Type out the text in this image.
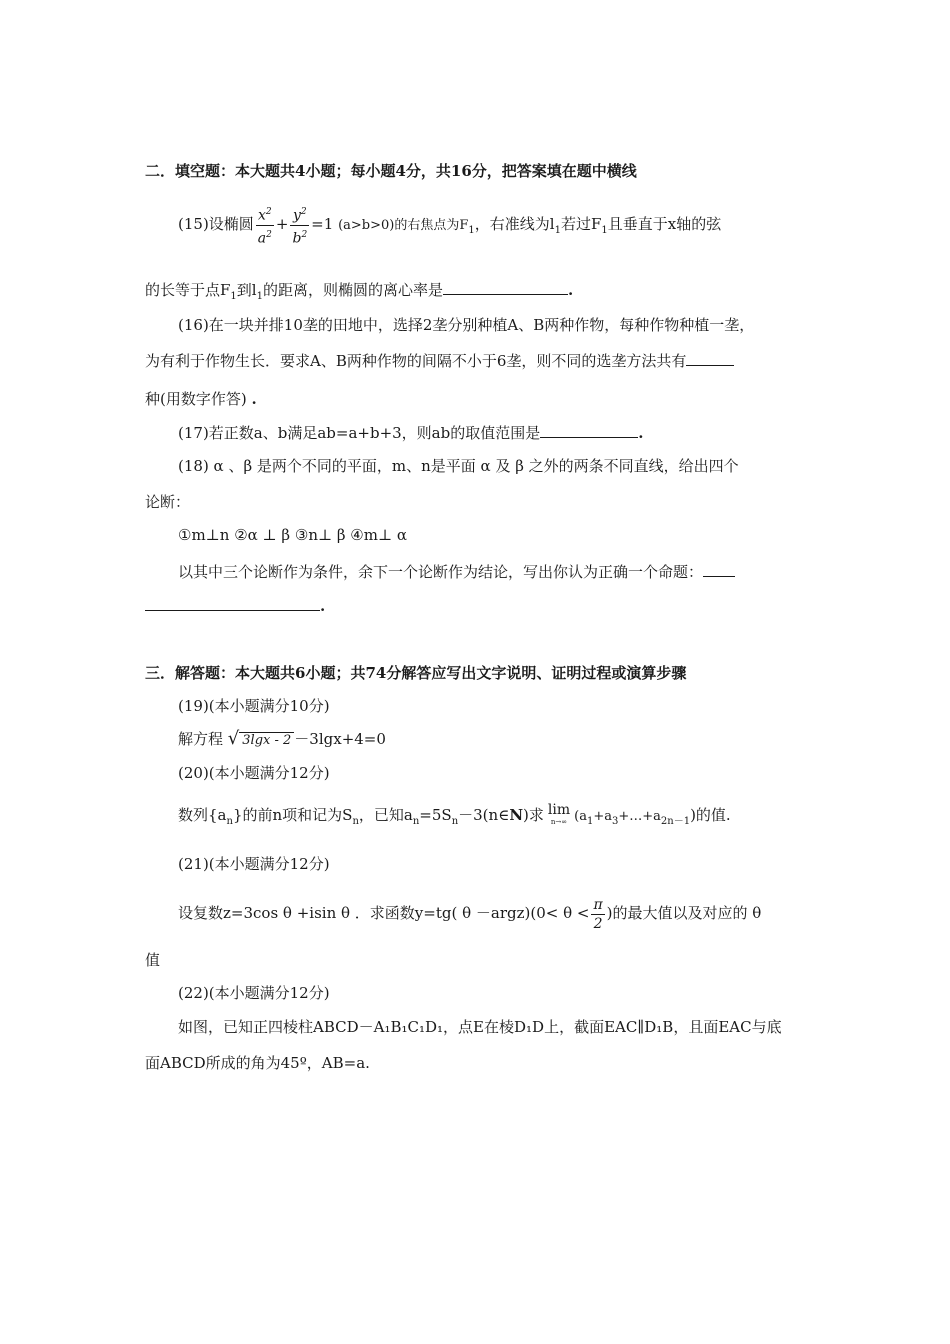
二．填空题：本大题共4小题；每小题4分，共16分，把答案填在题中横线
(15)设椭圆 $\frac{x^2}{a^2} + \frac{y^2}{b^2} =1$ (a>b>0)的右焦点为$F_1$，右准线为$l_1$若过$F_1$且垂直于x轴的弦
的长等于点$F_1$到$l_1$的距离，则椭圆的离心率是	.
(16)在一块并排10垄的田地中，选择2垄分别种植A、B两种作物，每种作物种植一垄，
为有利于作物生长．要求A、B两种作物的间隔不小于6垄，则不同的选垄方法共有
种(用数字作答) .
(17)若正数a、b满足ab=a+b+3，则ab的取值范围是	.
(18) α 、β 是两个不同的平面，m、n是平面 α 及 β 之外的两条不同直线，给出四个
论断：
①m⊥n ②α ⊥ β ③n⊥ β ④m⊥ α
以其中三个论断作为条件，余下一个论断作为结论，写出你认为正确一个命题：
.
三．解答题：本大题共6小题；共74分解答应写出文字说明、证明过程或演算步骤
(19)(本小题满分10分)
解方程 √ 3lgx - 2 －3lgx+4=0
(20)(本小题满分12分)
数列$\{a_n\}$的前n项和记为$S_n$，已知$a_n=5S_n-3(n\in N)$求 lim
n→∞ $(a_1+a_3+\dots+a_{2n-1})$的值.
(21)(本小题满分12分)
设复数z=3cos θ +isin θ ．求函数y=tg( θ －argz)(0< $\theta < \frac{\pi}{2}$ )的最大值以及对应的 θ
值
(22)(本小题满分12分)
如图，已知正四棱柱ABCD－A₁B₁C₁D₁，点E在棱D₁D上，截面EAC∥D₁B，且面EAC与底
面ABCD所成的角为45º，AB=a.
